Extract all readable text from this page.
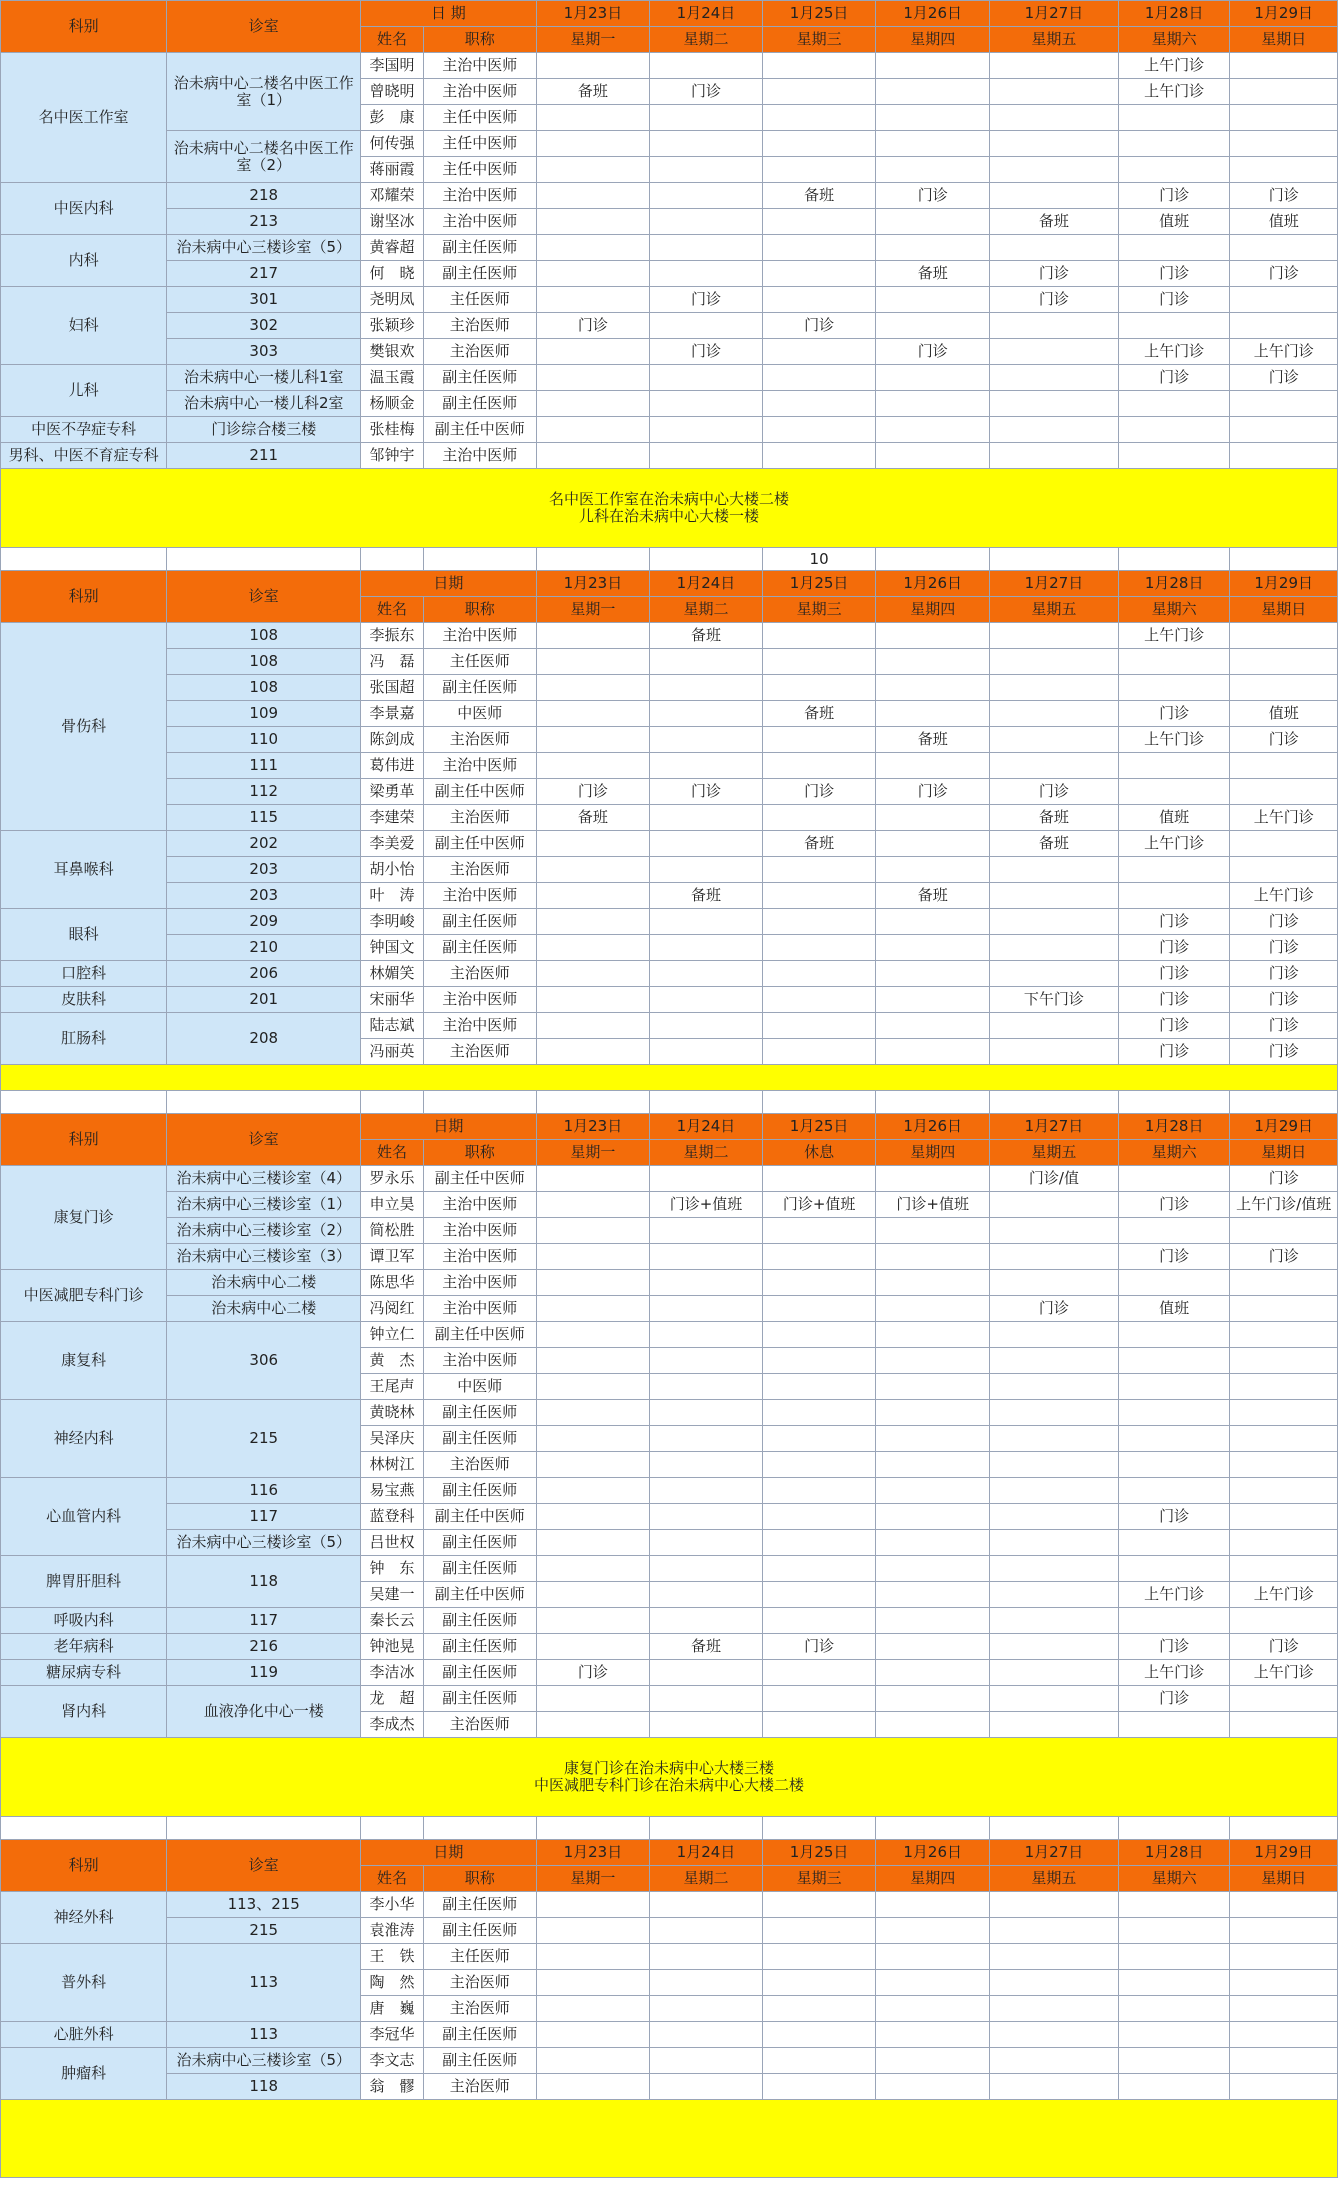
科别	诊室	日 期		1月23日	1月24日	1月25日	1月26日	1月27日	1月28日	1月29日
		姓名	职称	星期一	星期二	星期三	星期四	星期五	星期六	星期日
名中医工作室	治未病中心二楼名中医工作室（1）	李国明	主治中医师						上午门诊	
		曾晓明	主治中医师	备班	门诊				上午门诊	
		彭　康	主任中医师							
	治未病中心二楼名中医工作室（2）	何传强	主任中医师							
		蒋丽霞	主任中医师							
中医内科	218	邓耀荣	主治中医师			备班	门诊		门诊	门诊
	213	谢坚冰	主治中医师					备班	值班	值班
内科	治未病中心三楼诊室（5）	黄睿超	副主任医师							
	217	何　晓	副主任医师				备班	门诊	门诊	门诊
妇科	301	尧明凤	主任医师		门诊			门诊	门诊	
	302	张颖珍	主治医师	门诊		门诊				
	303	樊银欢	主治医师		门诊		门诊		上午门诊	上午门诊
儿科	治未病中心一楼儿科1室	温玉霞	副主任医师						门诊	门诊
	治未病中心一楼儿科2室	杨顺金	副主任医师							
中医不孕症专科	门诊综合楼三楼	张桂梅	副主任中医师							
男科、中医不育症专科	211	邹钟宇	主治中医师							

名中医工作室在治未病中心大楼二楼
儿科在治未病中心大楼一楼										

						10				
科别	诊室	日期		1月23日	1月24日	1月25日	1月26日	1月27日	1月28日	1月29日
		姓名	职称	星期一	星期二	星期三	星期四	星期五	星期六	星期日
骨伤科	108	李振东	主治中医师		备班				上午门诊	
	108	冯　磊	主任医师							
	108	张国超	副主任医师							
	109	李景嘉	中医师			备班			门诊	值班
	110	陈剑成	主治医师				备班		上午门诊	门诊
	111	葛伟进	主治中医师							
	112	梁勇革	副主任中医师	门诊	门诊	门诊	门诊	门诊		
	115	李建荣	主治医师	备班				备班	值班	上午门诊
耳鼻喉科	202	李美爱	副主任中医师			备班		备班	上午门诊	
	203	胡小怡	主治医师							
	203	叶　涛	主治中医师		备班		备班			上午门诊
眼科	209	李明峻	副主任医师						门诊	门诊
	210	钟国文	副主任医师						门诊	门诊
口腔科	206	林媚笑	主治医师						门诊	门诊
皮肤科	201	宋丽华	主治中医师					下午门诊	门诊	门诊
肛肠科	208	陆志斌	主治中医师						门诊	门诊
		冯丽英	主治医师						门诊	门诊

科别	诊室	日期		1月23日	1月24日	1月25日	1月26日	1月27日	1月28日	1月29日
		姓名	职称	星期一	星期二	休息	星期四	星期五	星期六	星期日
康复门诊	治未病中心三楼诊室（4）	罗永乐	副主任中医师					门诊/值		门诊
	治未病中心三楼诊室（1）	申立昊	主治中医师		门诊+值班	门诊+值班	门诊+值班		门诊	上午门诊/值班
	治未病中心三楼诊室（2）	简松胜	主治中医师							
	治未病中心三楼诊室（3）	谭卫军	主治中医师						门诊	门诊
中医减肥专科门诊	治未病中心二楼	陈思华	主治中医师							
	治未病中心二楼	冯阅红	主治中医师					门诊	值班	
康复科	306	钟立仁	副主任中医师							
		黄　杰	主治中医师							
		王尾声	中医师							
神经内科	215	黄晓林	副主任医师							
		吴泽庆	副主任医师							
		林树江	主治医师							
心血管内科	116	易宝燕	副主任医师							
	117	蓝登科	副主任中医师						门诊	
	治未病中心三楼诊室（5）	吕世权	副主任医师							
脾胃肝胆科	118	钟　东	副主任医师							
		吴建一	副主任中医师						上午门诊	上午门诊
呼吸内科	117	秦长云	副主任医师							
老年病科	216	钟池晃	副主任医师		备班	门诊			门诊	门诊
糖尿病专科	119	李洁冰	副主任医师	门诊					上午门诊	上午门诊
肾内科	血液净化中心一楼	龙　超	副主任医师						门诊	
		李成杰	主治医师							

康复门诊在治未病中心大楼三楼
中医减肥专科门诊在治未病中心大楼二楼										

科别	诊室	日期		1月23日	1月24日	1月25日	1月26日	1月27日	1月28日	1月29日
		姓名	职称	星期一	星期二	星期三	星期四	星期五	星期六	星期日
神经外科	113、215	李小华	副主任医师							
	215	袁淮涛	副主任医师							
普外科	113	王　铁	主任医师							
		陶　然	主治医师							
		唐　巍	主治医师							
心脏外科	113	李冠华	副主任医师							
肿瘤科	治未病中心三楼诊室（5）	李文志	副主任医师							
	118	翁　髎	主治医师							
